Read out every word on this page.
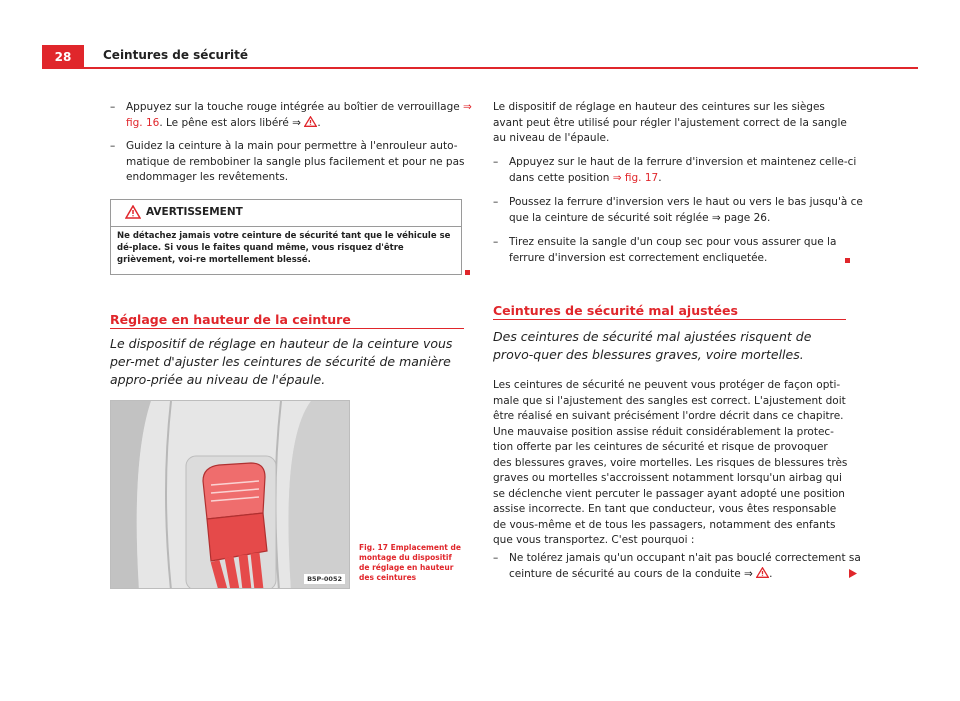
28	Ceintures de sécurité
– Appuyez sur la touche rouge intégrée au boîtier de verrouillage ⇒ fig. 16. Le pêne est alors libéré ⇒ .
– Guidez la ceinture à la main pour permettre à l'enrouleur auto-matique de rembobiner la sangle plus facilement et pour ne pas endommager les revêtements.
AVERTISSEMENT
Ne détachez jamais votre ceinture de sécurité tant que le véhicule se dé-place. Si vous le faites quand même, vous risquez d'être grièvement, voi-re mortellement blessé.
Réglage en hauteur de la ceinture
Le dispositif de réglage en hauteur de la ceinture vous per-met d'ajuster les ceintures de sécurité de manière appro-priée au niveau de l'épaule.
B5P-0052
Fig. 17 Emplacement de montage du dispositif de réglage en hauteur des ceintures
Le dispositif de réglage en hauteur des ceintures sur les sièges avant peut être utilisé pour régler l'ajustement correct de la sangle au niveau de l'épaule.
– Appuyez sur le haut de la ferrure d'inversion et maintenez celle-ci dans cette position ⇒ fig. 17.
– Poussez la ferrure d'inversion vers le haut ou vers le bas jusqu'à ce que la ceinture de sécurité soit réglée ⇒ page 26.
– Tirez ensuite la sangle d'un coup sec pour vous assurer que la ferrure d'inversion est correctement encliquetée.
Ceintures de sécurité mal ajustées
Des ceintures de sécurité mal ajustées risquent de provo-quer des blessures graves, voire mortelles.
Les ceintures de sécurité ne peuvent vous protéger de façon opti-male que si l'ajustement des sangles est correct. L'ajustement doit être réalisé en suivant précisément l'ordre décrit dans ce chapitre. Une mauvaise position assise réduit considérablement la protec-tion offerte par les ceintures de sécurité et risque de provoquer des blessures graves, voire mortelles. Les risques de blessures très graves ou mortelles s'accroissent notamment lorsqu'un airbag qui se déclenche vient percuter le passager ayant adopté une position assise incorrecte. En tant que conducteur, vous êtes responsable de vous-même et de tous les passagers, notamment des enfants que vous transportez. C'est pourquoi :
– Ne tolérez jamais qu'un occupant n'ait pas bouclé correctement sa ceinture de sécurité au cours de la conduite ⇒ .
